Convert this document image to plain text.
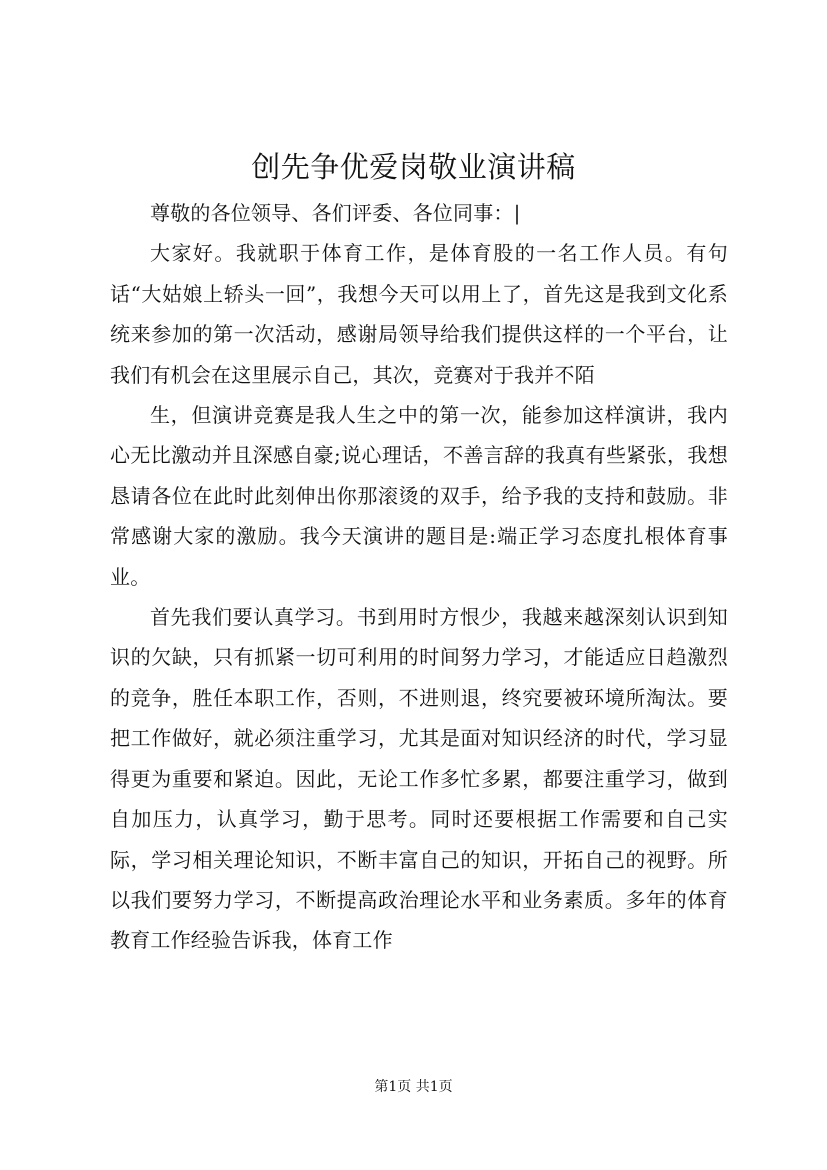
创先争优爱岗敬业演讲稿

尊敬的各位领导、各们评委、各位同事：|

大家好。我就职于体育工作，是体育股的一名工作人员。有句话“大姑娘上轿头一回”，我想今天可以用上了，首先这是我到文化系统来参加的第一次活动，感谢局领导给我们提供这样的一个平台，让我们有机会在这里展示自己，其次，竞赛对于我并不陌

生，但演讲竞赛是我人生之中的第一次，能参加这样演讲，我内心无比激动并且深感自豪;说心理话，不善言辞的我真有些紧张，我想恳请各位在此时此刻伸出你那滚烫的双手，给予我的支持和鼓励。非常感谢大家的激励。我今天演讲的题目是:端正学习态度扎根体育事业。

首先我们要认真学习。书到用时方恨少，我越来越深刻认识到知识的欠缺，只有抓紧一切可利用的时间努力学习，才能适应日趋激烈的竞争，胜任本职工作，否则，不进则退，终究要被环境所淘汰。要把工作做好，就必须注重学习，尤其是面对知识经济的时代，学习显得更为重要和紧迫。因此，无论工作多忙多累，都要注重学习，做到自加压力，认真学习，勤于思考。同时还要根据工作需要和自己实际，学习相关理论知识，不断丰富自己的知识，开拓自己的视野。所以我们要努力学习，不断提高政治理论水平和业务素质。多年的体育教育工作经验告诉我，体育工作

第1页 共1页
